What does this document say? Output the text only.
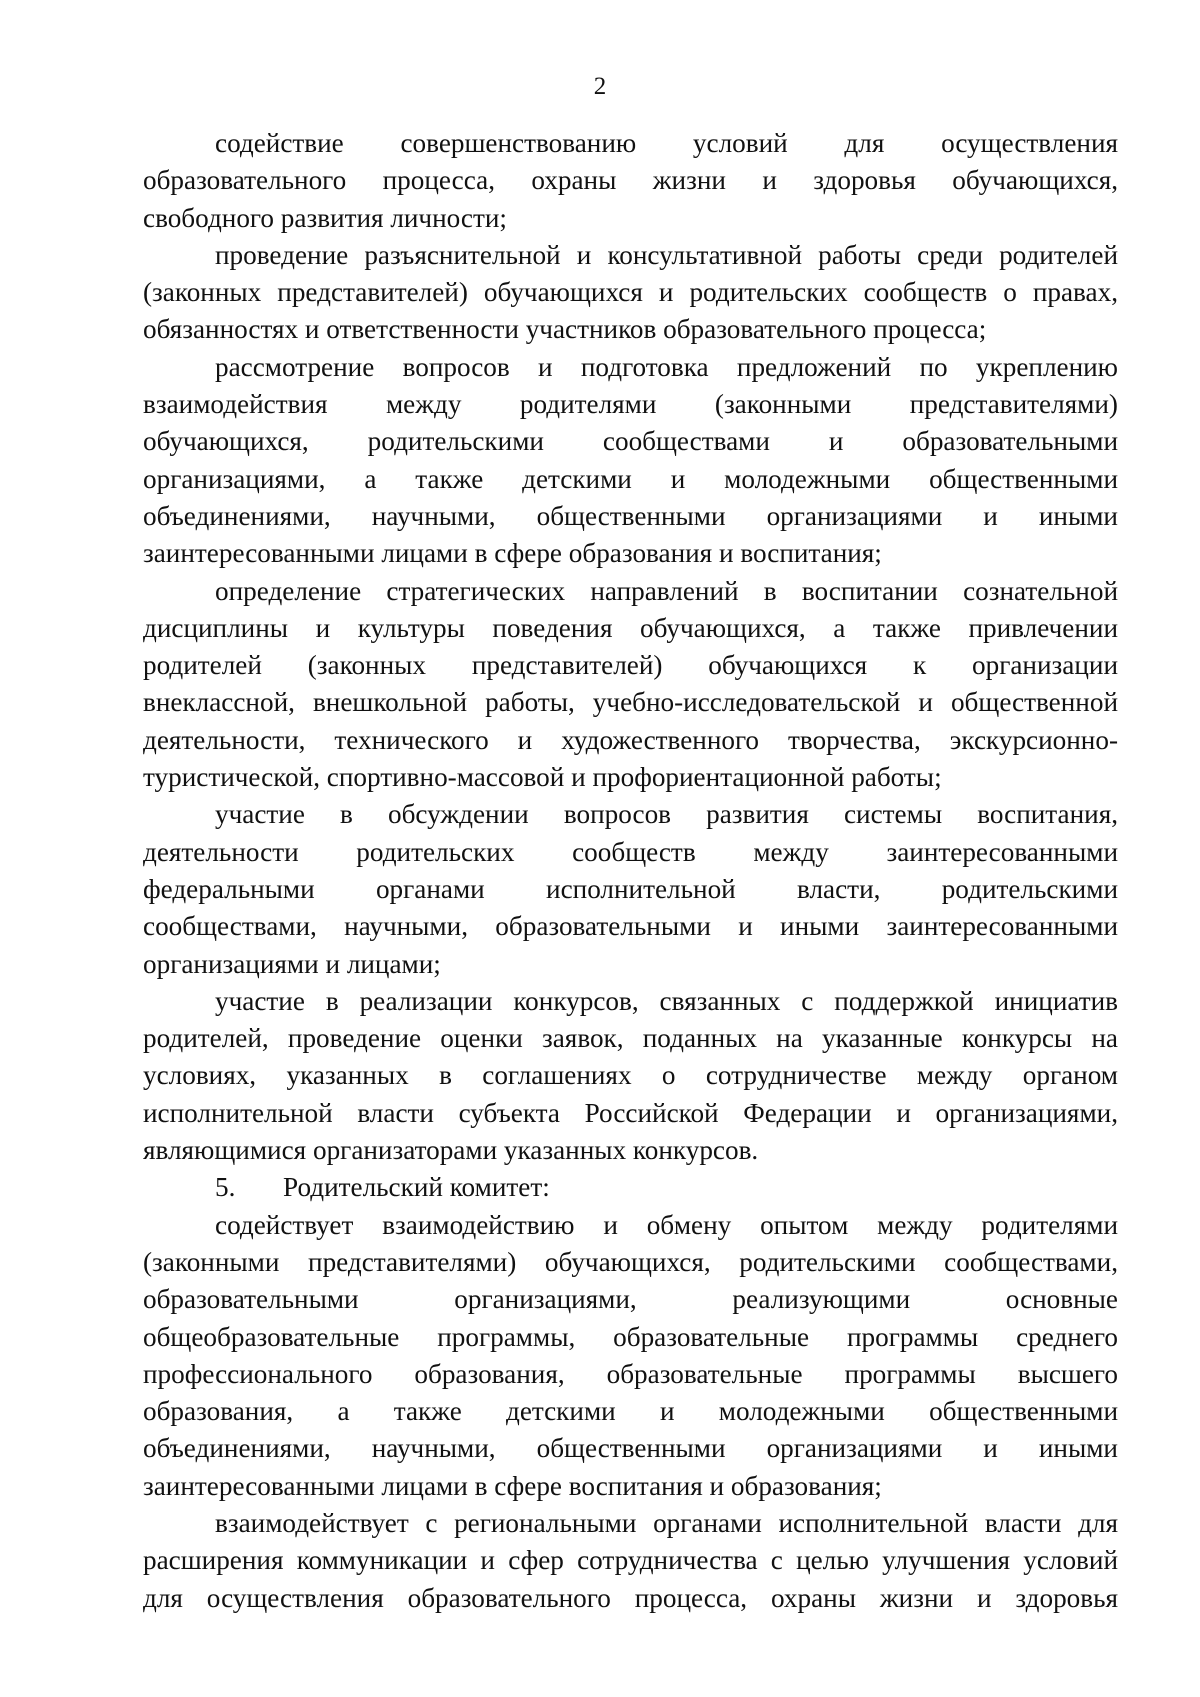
2
содействие совершенствованию условий для осуществления
образовательного процесса, охраны жизни и здоровья обучающихся,
свободного развития личности;
проведение разъяснительной и консультативной работы среди родителей
(законных представителей) обучающихся и родительских сообществ о правах,
обязанностях и ответственности участников образовательного процесса;
рассмотрение вопросов и подготовка предложений по укреплению
взаимодействия между родителями (законными представителями)
обучающихся, родительскими сообществами и образовательными
организациями, а также детскими и молодежными общественными
объединениями, научными, общественными организациями и иными
заинтересованными лицами в сфере образования и воспитания;
определение стратегических направлений в воспитании сознательной
дисциплины и культуры поведения обучающихся, а также привлечении
родителей (законных представителей) обучающихся к организации
внеклассной, внешкольной работы, учебно-исследовательской и общественной
деятельности, технического и художественного творчества, экскурсионно-
туристической, спортивно-массовой и профориентационной работы;
участие в обсуждении вопросов развития системы воспитания,
деятельности родительских сообществ между заинтересованными
федеральными органами исполнительной власти, родительскими
сообществами, научными, образовательными и иными заинтересованными
организациями и лицами;
участие в реализации конкурсов, связанных с поддержкой инициатив
родителей, проведение оценки заявок, поданных на указанные конкурсы на
условиях, указанных в соглашениях о сотрудничестве между органом
исполнительной власти субъекта Российской Федерации и организациями,
являющимися организаторами указанных конкурсов.
5. Родительский комитет:
содействует взаимодействию и обмену опытом между родителями
(законными представителями) обучающихся, родительскими сообществами,
образовательными организациями, реализующими основные
общеобразовательные программы, образовательные программы среднего
профессионального образования, образовательные программы высшего
образования, а также детскими и молодежными общественными
объединениями, научными, общественными организациями и иными
заинтересованными лицами в сфере воспитания и образования;
взаимодействует с региональными органами исполнительной власти для
расширения коммуникации и сфер сотрудничества с целью улучшения условий
для осуществления образовательного процесса, охраны жизни и здоровья
